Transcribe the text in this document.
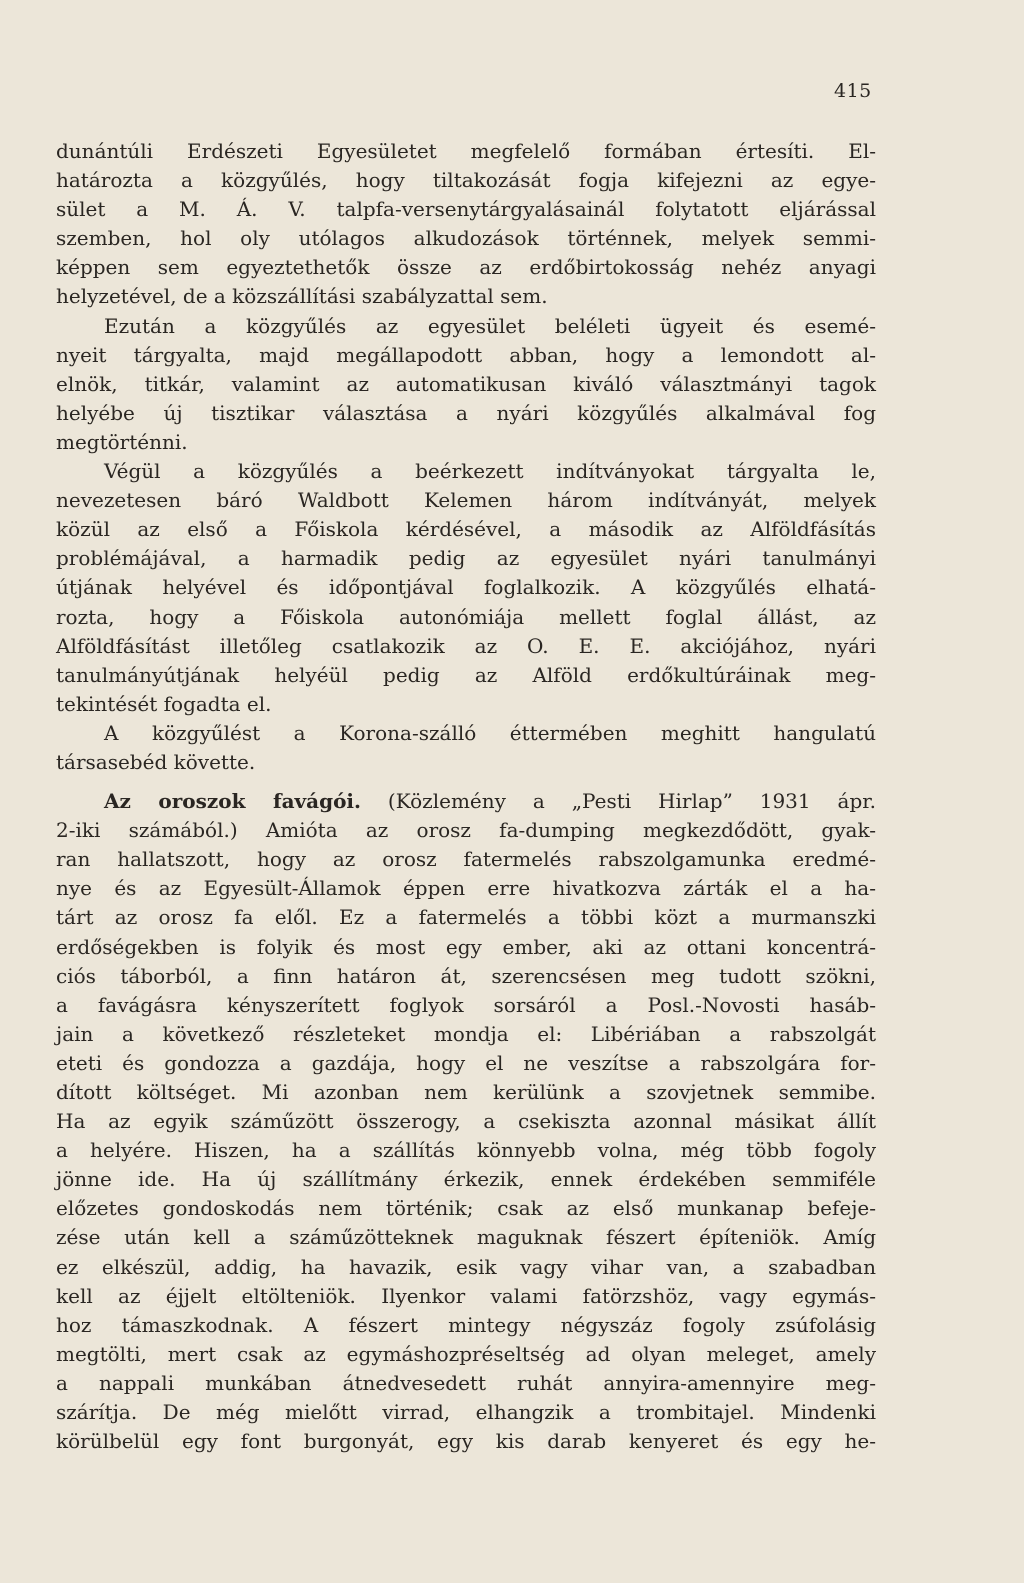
415
dunántúli Erdészeti Egyesületet megfelelő formában értesíti. El-
határozta a közgyűlés, hogy tiltakozását fogja kifejezni az egye-
sület a M. Á. V. talpfa-versenytárgyalásainál folytatott eljárással
szemben, hol oly utólagos alkudozások történnek, melyek semmi-
képpen sem egyeztethetők össze az erdőbirtokosság nehéz anyagi
helyzetével, de a közszállítási szabályzattal sem.
Ezután a közgyűlés az egyesület beléleti ügyeit és esemé-
nyeit tárgyalta, majd megállapodott abban, hogy a lemondott al-
elnök, titkár, valamint az automatikusan kiváló választmányi tagok
helyébe új tisztikar választása a nyári közgyűlés alkalmával fog
megtörténni.
Végül a közgyűlés a beérkezett indítványokat tárgyalta le,
nevezetesen báró Waldbott Kelemen három indítványát, melyek
közül az első a Főiskola kérdésével, a második az Alföldfásítás
problémájával, a harmadik pedig az egyesület nyári tanulmányi
útjának helyével és időpontjával foglalkozik. A közgyűlés elhatá-
rozta, hogy a Főiskola autonómiája mellett foglal állást, az
Alföldfásítást illetőleg csatlakozik az O. E. E. akciójához, nyári
tanulmányútjának helyéül pedig az Alföld erdőkultúráinak meg-
tekintését fogadta el.
A közgyűlést a Korona-szálló éttermében meghitt hangulatú
társasebéd követte.
Az oroszok favágói. (Közlemény a „Pesti Hirlap” 1931 ápr.
2-iki számából.) Amióta az orosz fa-dumping megkezdődött, gyak-
ran hallatszott, hogy az orosz fatermelés rabszolgamunka eredmé-
nye és az Egyesült-Államok éppen erre hivatkozva zárták el a ha-
tárt az orosz fa elől. Ez a fatermelés a többi közt a murmanszki
erdőségekben is folyik és most egy ember, aki az ottani koncentrá-
ciós táborból, a finn határon át, szerencsésen meg tudott szökni,
a favágásra kényszerített foglyok sorsáról a Posl.-Novosti hasáb-
jain a következő részleteket mondja el: Libériában a rabszolgát
eteti és gondozza a gazdája, hogy el ne veszítse a rabszolgára for-
dított költséget. Mi azonban nem kerülünk a szovjetnek semmibe.
Ha az egyik száműzött összerogy, a csekiszta azonnal másikat állít
a helyére. Hiszen, ha a szállítás könnyebb volna, még több fogoly
jönne ide. Ha új szállítmány érkezik, ennek érdekében semmiféle
előzetes gondoskodás nem történik; csak az első munkanap befeje-
zése után kell a száműzötteknek maguknak fészert építeniök. Amíg
ez elkészül, addig, ha havazik, esik vagy vihar van, a szabadban
kell az éjjelt eltölteniök. Ilyenkor valami fatörzshöz, vagy egymás-
hoz támaszkodnak. A fészert mintegy négyszáz fogoly zsúfolásig
megtölti, mert csak az egymáshozpréseltség ad olyan meleget, amely
a nappali munkában átnedvesedett ruhát annyira-amennyire meg-
szárítja. De még mielőtt virrad, elhangzik a trombitajel. Mindenki
körülbelül egy font burgonyát, egy kis darab kenyeret és egy he-
